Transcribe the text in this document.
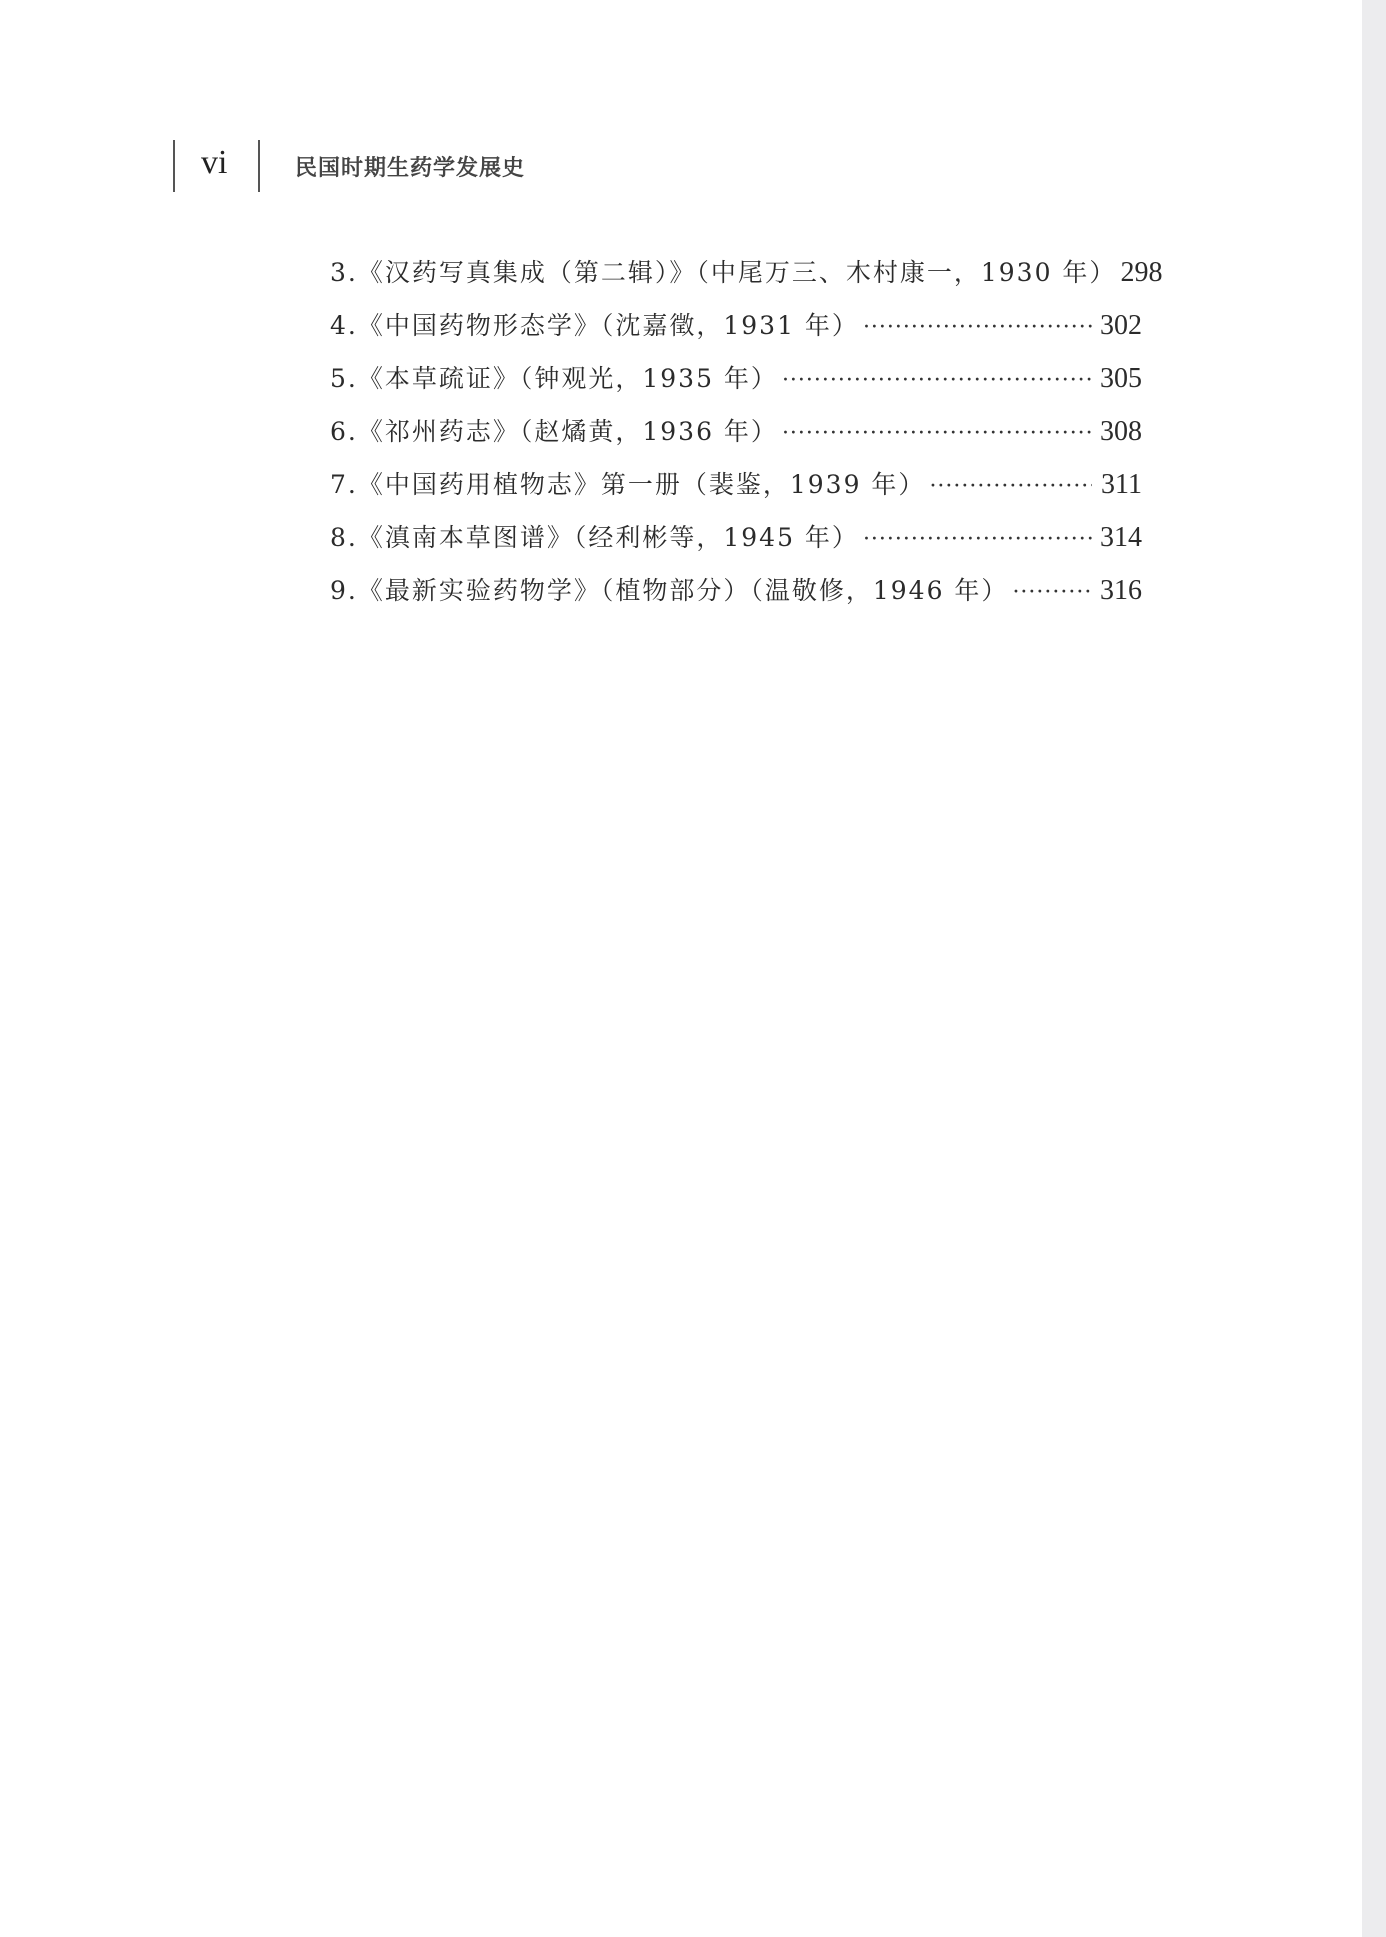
vi	民国时期生药学发展史
3.《汉药写真集成（第二辑）》（中尾万三、木村康一，1930 年） 298
4.《中国药物形态学》（沈嘉徵，1931 年） ·····	302
5.《本草疏证》（钟观光，1935 年） ·····	305
6.《祁州药志》（赵燏黄，1936 年） ·····	308
7.《中国药用植物志》第一册（裴鉴，1939 年） ·····	311
8.《滇南本草图谱》（经利彬等，1945 年） ·····	314
9.《最新实验药物学》（植物部分）（温敬修，1946 年） ·····	316
